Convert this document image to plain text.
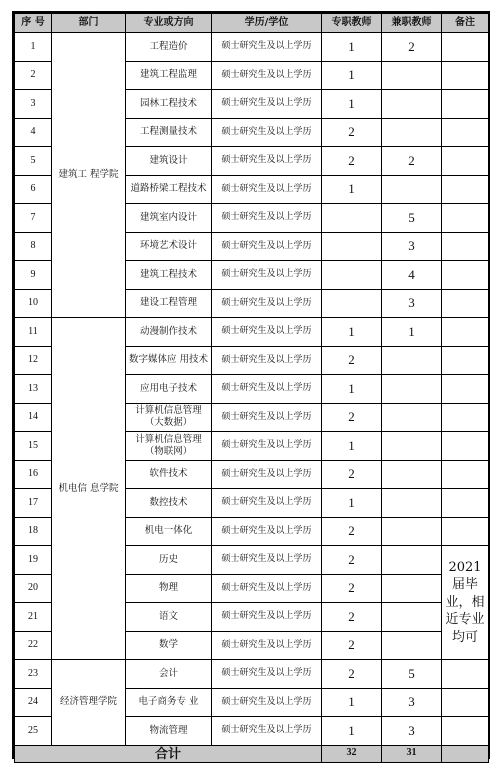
序 号	部门	专业或方向	学历/学位	专职教师	兼职教师	备注
1	建筑工 程学院	工程造价	硕士研究生及以上学历	1	2	
2		建筑工程监理	硕士研究生及以上学历	1		
3		园林工程技术	硕士研究生及以上学历	1		
4		工程测量技术	硕士研究生及以上学历	2		
5		建筑设计	硕士研究生及以上学历	2	2	
6		道路桥梁工程技术	硕士研究生及以上学历	1		
7		建筑室内设计	硕士研究生及以上学历		5	
8		环境艺术设计	硕士研究生及以上学历		3	
9		建筑工程技术	硕士研究生及以上学历		4	
10		建设工程管理	硕士研究生及以上学历		3	
11	机电信 息学院	动漫制作技术	硕士研究生及以上学历	1	1	
12		数字媒体应 用技术	硕士研究生及以上学历	2		
13		应用电子技术	硕士研究生及以上学历	1		
14		计算机信息管理（大数据）	硕士研究生及以上学历	2		
15		计算机信息管理（物联网）	硕士研究生及以上学历	1		
16		软件技术	硕士研究生及以上学历	2		
17		数控技术	硕士研究生及以上学历	1		
18		机电一体化	硕士研究生及以上学历	2		
19		历史	硕士研究生及以上学历	2		2021届毕业，相近专业均可
20		物理	硕士研究生及以上学历	2		
21		语文	硕士研究生及以上学历	2		
22		数学	硕士研究生及以上学历	2		
23	经济管理学院	会计	硕士研究生及以上学历	2	5	
24		电子商务专 业	硕士研究生及以上学历	1	3	
25		物流管理	硕士研究生及以上学历	1	3	
合计				32	31	
